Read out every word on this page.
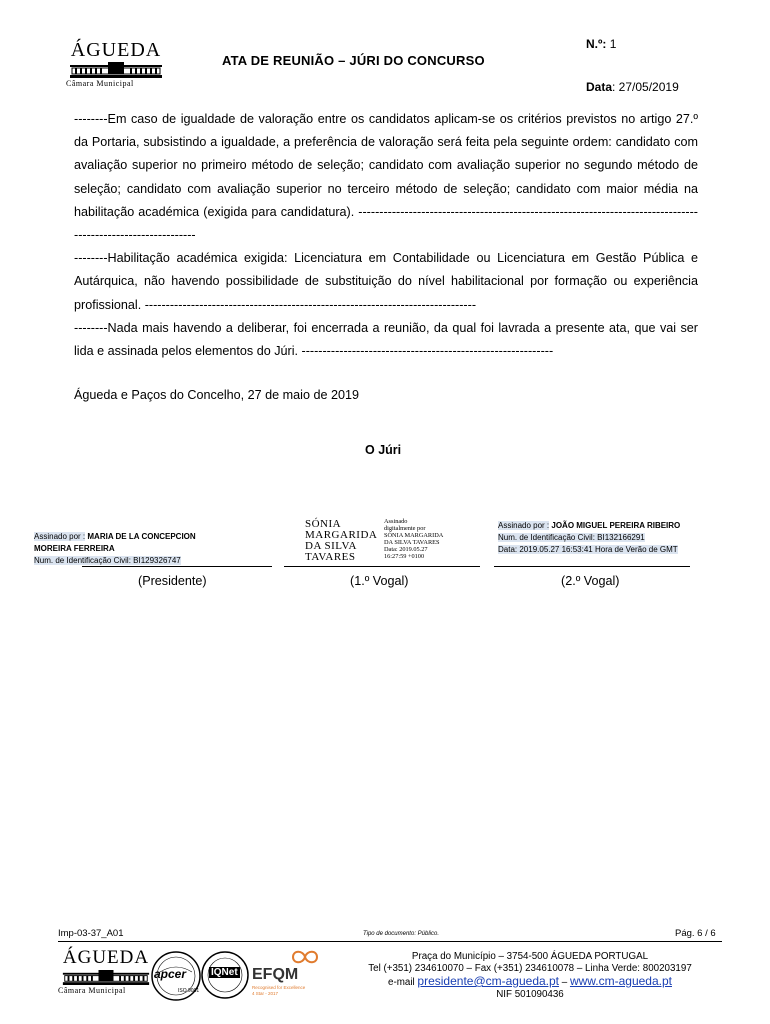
ÁGUEDA
Câmara Municipal
ATA DE REUNIÃO – JÚRI DO CONCURSO
N.º: 1
Data: 27/05/2019

--------Em caso de igualdade de valoração entre os candidatos aplicam-se os critérios previstos no artigo 27.º da Portaria, subsistindo a igualdade, a preferência de valoração será feita pela seguinte ordem: candidato com avaliação superior no primeiro método de seleção; candidato com avaliação superior no segundo método de seleção; candidato com avaliação superior no terceiro método de seleção; candidato com maior média na habilitação académica (exigida para candidatura). --------------------------------------------------------------------------------------------------------------

--------Habilitação académica exigida: Licenciatura em Contabilidade ou Licenciatura em Gestão Pública e Autárquica, não havendo possibilidade de substituição do nível habilitacional por formação ou experiência profissional. -------------------------------------------------------------------------------

--------Nada mais havendo a deliberar, foi encerrada a reunião, da qual foi lavrada a presente ata, que vai ser lida e assinada pelos elementos do Júri. ------------------------------------------------------------

Águeda e Paços do Concelho, 27 de maio de 2019
O Júri
Assinado por : MARIA DE LA CONCEPCION
MOREIRA FERREIRA
Num. de Identificação Civil: BI129326747
(Presidente)
SÓNIA
MARGARIDA
DA SILVA
TAVARES
Assinado
digitalmente por
SÓNIA MARGARIDA
DA SILVA TAVARES
Data: 2019.05.27
16:27:59 +0100
(1.º Vogal)
Assinado por : JOÃO MIGUEL PEREIRA RIBEIRO
Num. de Identificação Civil: BI132166291
Data: 2019.05.27 16:53:41 Hora de Verão de GMT
(2.º Vogal)
Imp-03-37_A01	Tipo de documento: Público.	Pág. 6 / 6
ÁGUEDA
Câmara Municipal
apcer
ISO 9001
IQNet EFQM
Recognised for Excellence
4 Star - 2017
Praça do Município – 3754-500 ÁGUEDA PORTUGAL
Tel (+351) 234610070 – Fax (+351) 234610078 – Linha Verde: 800203197
e-mail presidente@cm-agueda.pt – www.cm-agueda.pt
NIF 501090436
